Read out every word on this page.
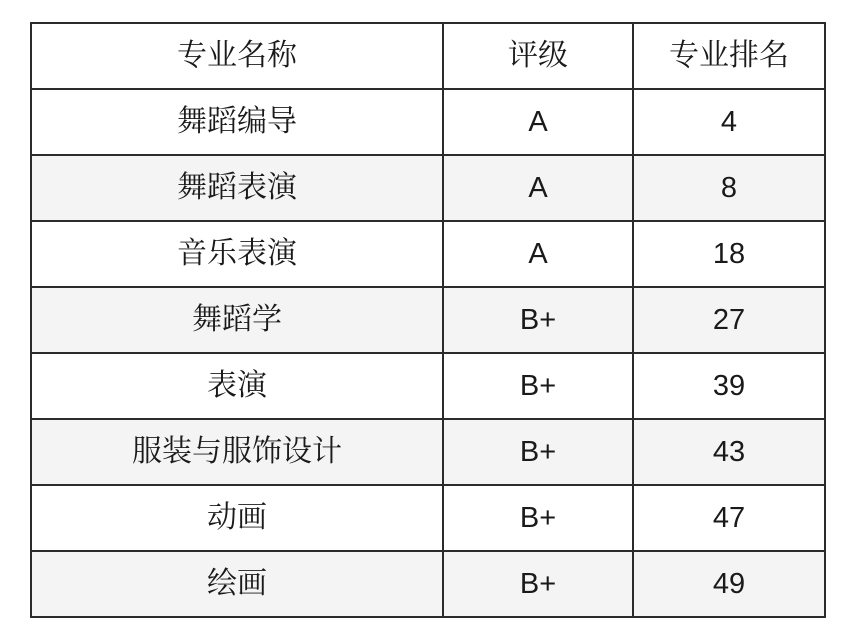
专业名称	评级	专业排名
舞蹈编导	A	4
舞蹈表演	A	8
音乐表演	A	18
舞蹈学	B+	27
表演	B+	39
服装与服饰设计	B+	43
动画	B+	47
绘画	B+	49
